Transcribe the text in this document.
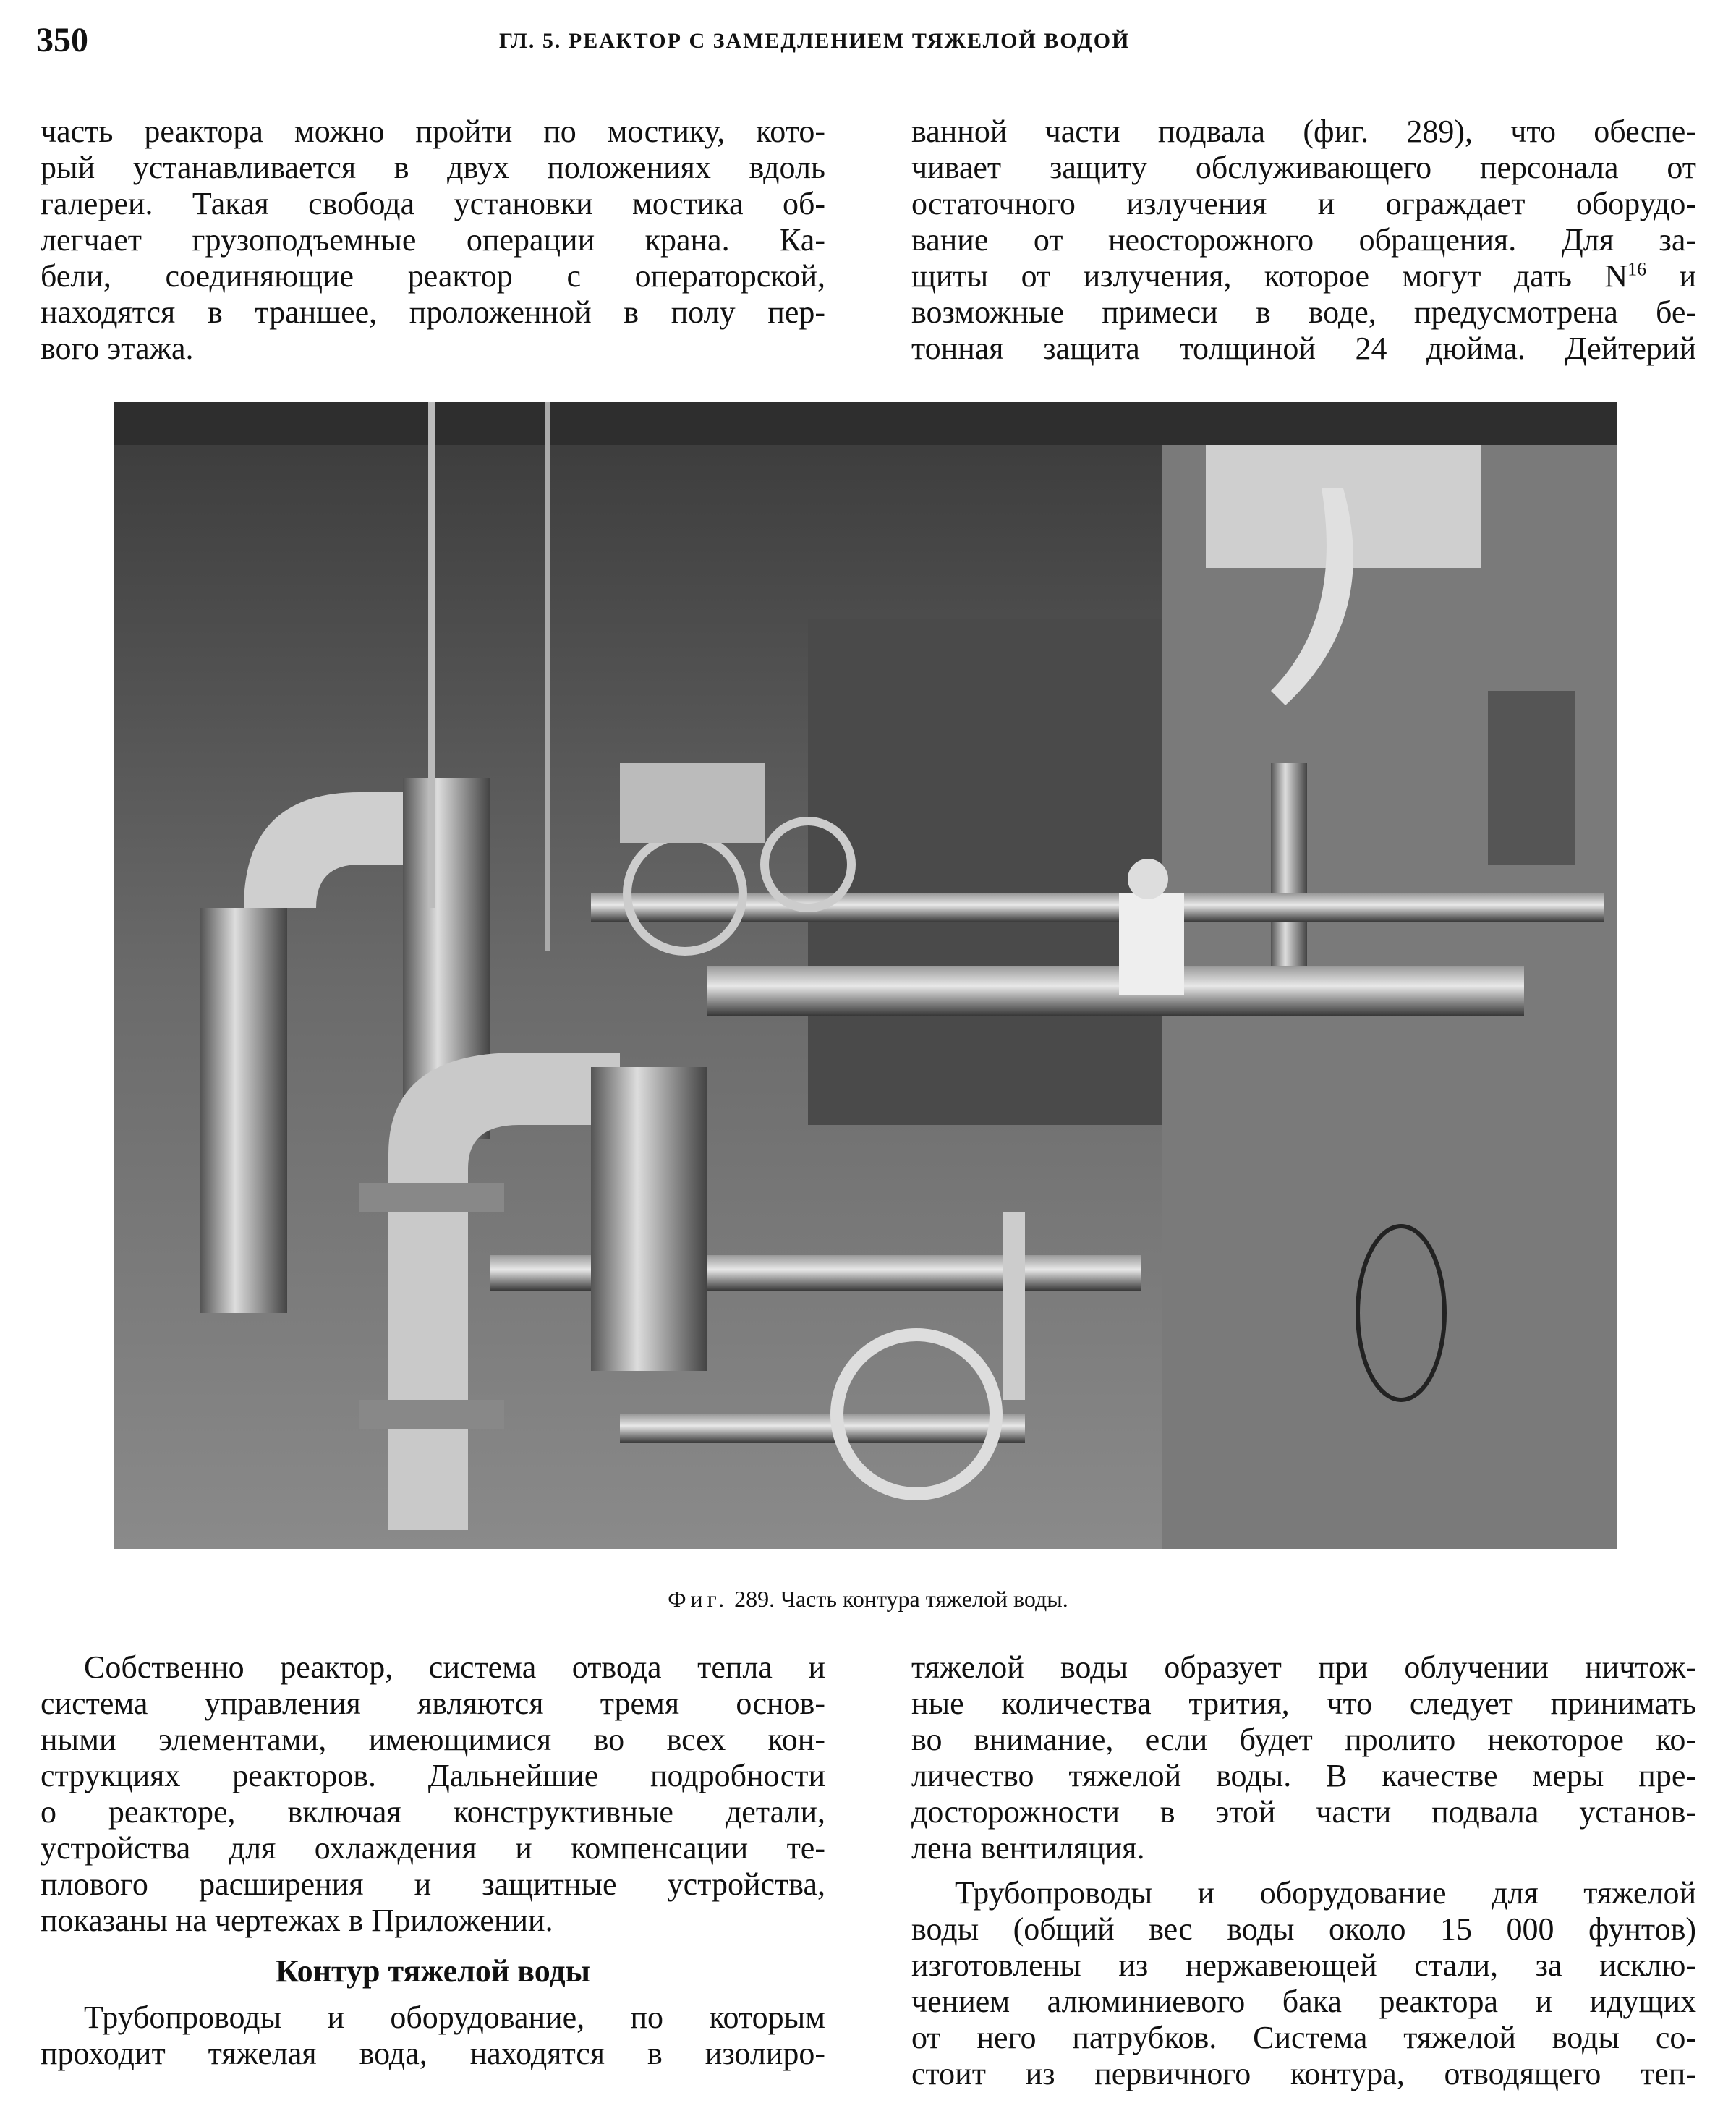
350	ГЛ. 5. РЕАКТОР С ЗАМЕДЛЕНИЕМ ТЯЖЕЛОЙ ВОДОЙ
часть реактора можно пройти по мостику, кото-
рый устанавливается в двух положениях вдоль
галереи. Такая свобода установки мостика об-
легчает грузоподъемные операции крана. Ка-
бели, соединяющие реактор с операторской,
находятся в траншее, проложенной в полу пер-
вого этажа.
ванной части подвала (фиг. 289), что обеспе-
чивает защиту обслуживающего персонала от
остаточного излучения и ограждает оборудо-
вание от неосторожного обращения. Для за-
щиты от излучения, которое могут дать $N^{16}$ и
возможные примеси в воде, предусмотрена бе-
тонная защита толщиной 24 дюйма. Дейтерий
Фиг. 289. Часть контура тяжелой воды.
Собственно реактор, система отвода тепла и
система управления являются тремя основ-
ными элементами, имеющимися во всех кон-
струкциях реакторов. Дальнейшие подробности
о реакторе, включая конструктивные детали,
устройства для охлаждения и компенсации те-
плового расширения и защитные устройства,
показаны на чертежах в Приложении.
Контур тяжелой воды
Трубопроводы и оборудование, по которым
проходит тяжелая вода, находятся в изолиро-
тяжелой воды образует при облучении ничтож-
ные количества трития, что следует принимать
во внимание, если будет пролито некоторое ко-
личество тяжелой воды. В качестве меры пре-
досторожности в этой части подвала установ-
лена вентиляция.
Трубопроводы и оборудование для тяжелой
воды (общий вес воды около 15 000 фунтов)
изготовлены из нержавеющей стали, за исклю-
чением алюминиевого бака реактора и идущих
от него патрубков. Система тяжелой воды со-
стоит из первичного контура, отводящего теп-
